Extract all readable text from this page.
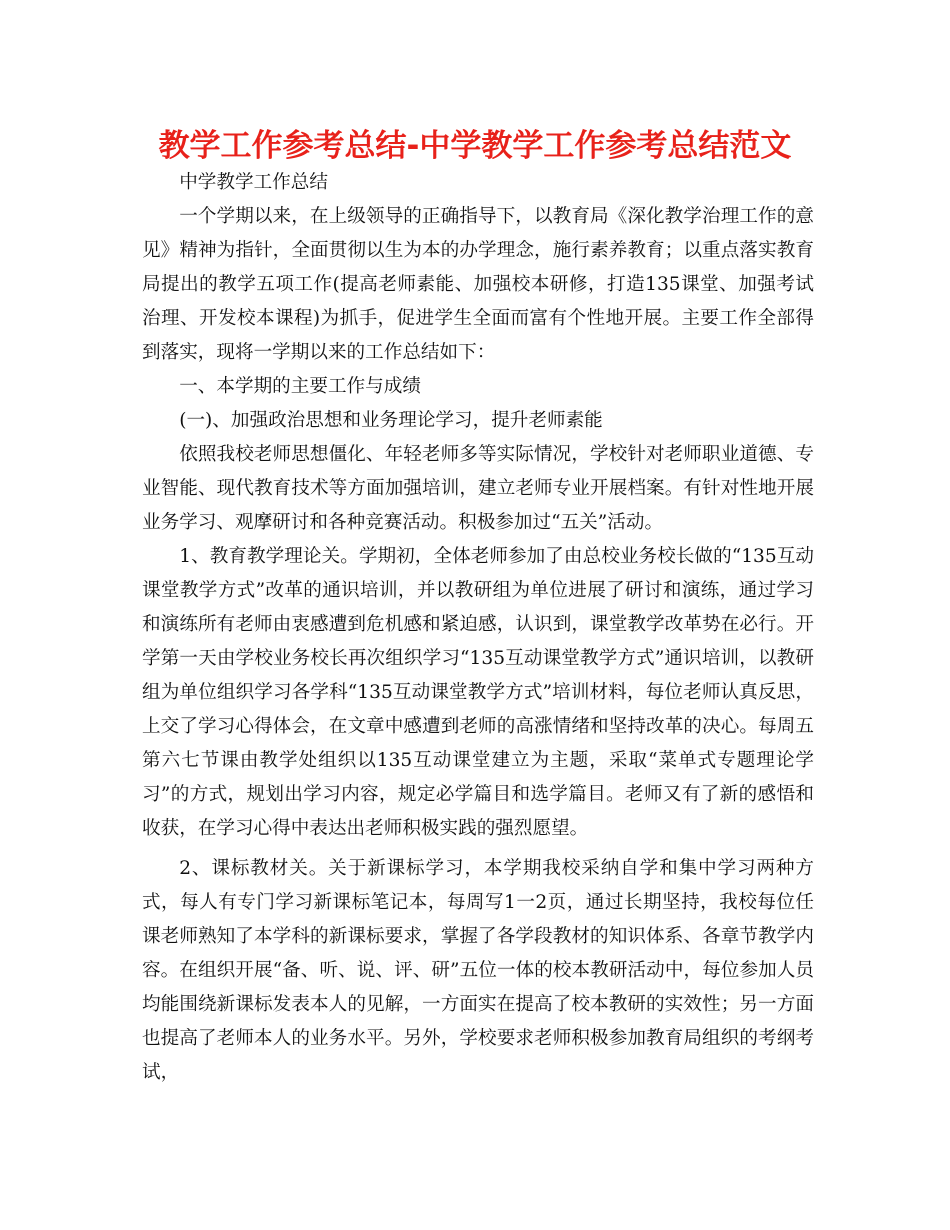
教学工作参考总结-中学教学工作参考总结范文

中学教学工作总结

一个学期以来，在上级领导的正确指导下，以教育局《深化教学治理工作的意见》精神为指针，全面贯彻以生为本的办学理念，施行素养教育；以重点落实教育局提出的教学五项工作(提高老师素能、加强校本研修，打造135课堂、加强考试治理、开发校本课程)为抓手，促进学生全面而富有个性地开展。主要工作全部得到落实，现将一学期以来的工作总结如下：

一、本学期的主要工作与成绩

(一)、加强政治思想和业务理论学习，提升老师素能

依照我校老师思想僵化、年轻老师多等实际情况，学校针对老师职业道德、专业智能、现代教育技术等方面加强培训，建立老师专业开展档案。有针对性地开展业务学习、观摩研讨和各种竞赛活动。积极参加过“五关”活动。

1、教育教学理论关。学期初，全体老师参加了由总校业务校长做的“135互动课堂教学方式”改革的通识培训，并以教研组为单位进展了研讨和演练，通过学习和演练所有老师由衷感遭到危机感和紧迫感，认识到，课堂教学改革势在必行。开学第一天由学校业务校长再次组织学习“135互动课堂教学方式”通识培训，以教研组为单位组织学习各学科“135互动课堂教学方式”培训材料，每位老师认真反思，上交了学习心得体会，在文章中感遭到老师的高涨情绪和坚持改革的决心。每周五第六七节课由教学处组织以135互动课堂建立为主题，采取“菜单式专题理论学习”的方式，规划出学习内容，规定必学篇目和选学篇目。老师又有了新的感悟和收获，在学习心得中表达出老师积极实践的强烈愿望。

2、课标教材关。关于新课标学习，本学期我校采纳自学和集中学习两种方式，每人有专门学习新课标笔记本，每周写1一2页，通过长期坚持，我校每位任课老师熟知了本学科的新课标要求，掌握了各学段教材的知识体系、各章节教学内容。在组织开展“备、听、说、评、研”五位一体的校本教研活动中，每位参加人员均能围绕新课标发表本人的见解，一方面实在提高了校本教研的实效性；另一方面也提高了老师本人的业务水平。另外，学校要求老师积极参加教育局组织的考纲考试，
